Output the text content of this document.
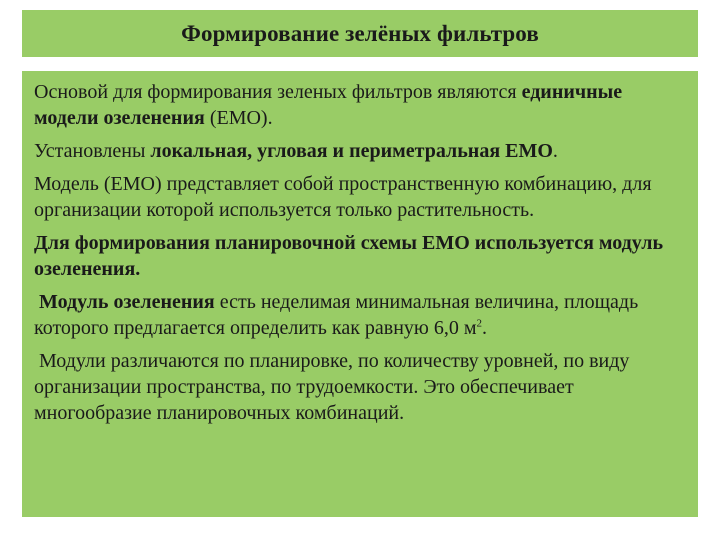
Формирование зелёных фильтров

Основой для формирования зеленых фильтров являются единичные модели озеленения (ЕМО).

Установлены локальная, угловая и периметральная ЕМО.

Модель (ЕМО) представляет собой пространственную комбинацию, для организации которой используется только растительность.

Для формирования планировочной схемы ЕМО используется модуль озеленения.

Модуль озеленения есть неделимая минимальная величина, площадь которого предлагается определить как равную 6,0 $м^2$.

Модули различаются по планировке, по количеству уровней, по виду организации пространства, по трудоемкости. Это обеспечивает многообразие планировочных комбинаций.
